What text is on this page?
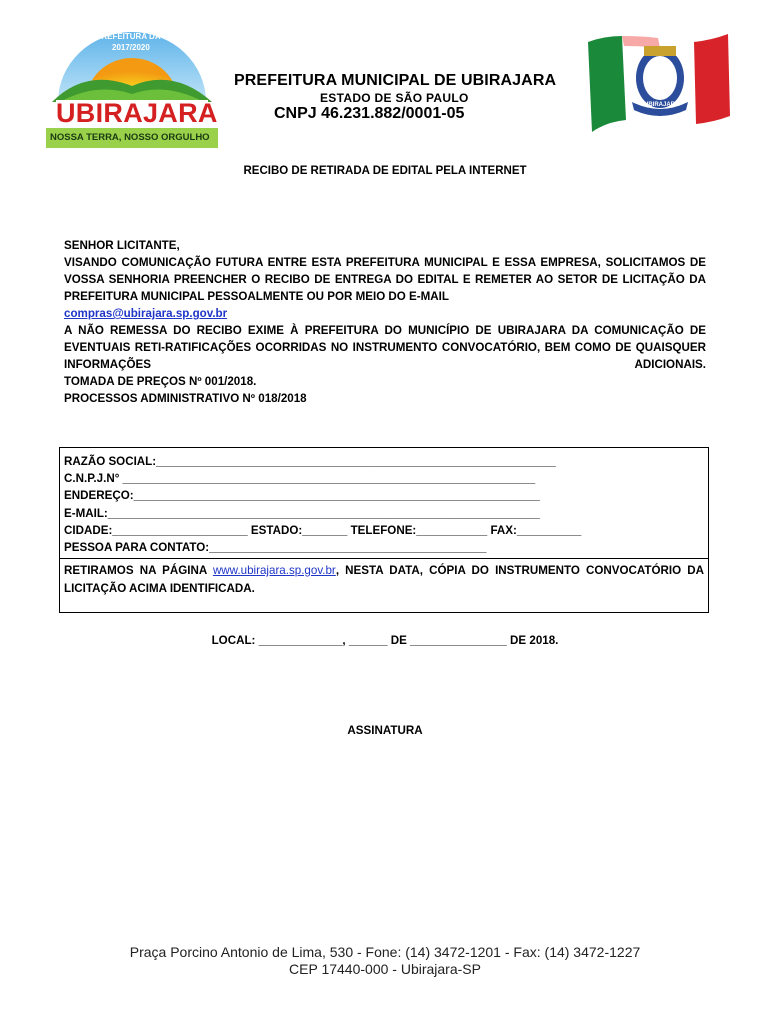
PREFEITURA DA CIDADE
2017/2020
UBIRAJARA
NOSSA TERRA, NOSSO ORGULHO
PREFEITURA MUNICIPAL DE UBIRAJARA
ESTADO DE SÃO PAULO
CNPJ 46.231.882/0001-05	UBIRAJARA
RECIBO DE RETIRADA DE EDITAL PELA INTERNET

SENHOR LICITANTE,

VISANDO COMUNICAÇÃO FUTURA ENTRE ESTA PREFEITURA MUNICIPAL E ESSA EMPRESA, SOLICITAMOS DE VOSSA SENHORIA PREENCHER O RECIBO DE ENTREGA DO EDITAL E REMETER AO SETOR DE LICITAÇÃO DA PREFEITURA MUNICIPAL PESSOALMENTE OU POR MEIO DO E-MAIL

compras@ubirajara.sp.gov.br

A NÃO REMESSA DO RECIBO EXIME À PREFEITURA DO MUNICÍPIO DE UBIRAJARA DA COMUNICAÇÃO DE EVENTUAIS RETI-RATIFICAÇÕES OCORRIDAS NO INSTRUMENTO CONVOCATÓRIO, BEM COMO DE QUAISQUER INFORMAÇÕES ADICIONAIS.

TOMADA DE PREÇOS Nº 001/2018.

PROCESSOS ADMINISTRATIVO Nº 018/2018

RAZÃO SOCIAL:______________________________________________________________
C.N.P.J.N° ________________________________________________________________
ENDEREÇO:_______________________________________________________________
E-MAIL:___________________________________________________________________
CIDADE:_____________________ ESTADO:_______ TELEFONE:___________ FAX:__________
PESSOA PARA CONTATO:___________________________________________

RETIRAMOS NA PÁGINA www.ubirajara.sp.gov.br, NESTA DATA, CÓPIA DO INSTRUMENTO CONVOCATÓRIO DA LICITAÇÃO ACIMA IDENTIFICADA.

LOCAL: _____________, ______ DE _______________ DE 2018.
ASSINATURA
Praça Porcino Antonio de Lima, 530 - Fone: (14) 3472-1201 - Fax: (14) 3472-1227
CEP 17440-000 - Ubirajara-SP
